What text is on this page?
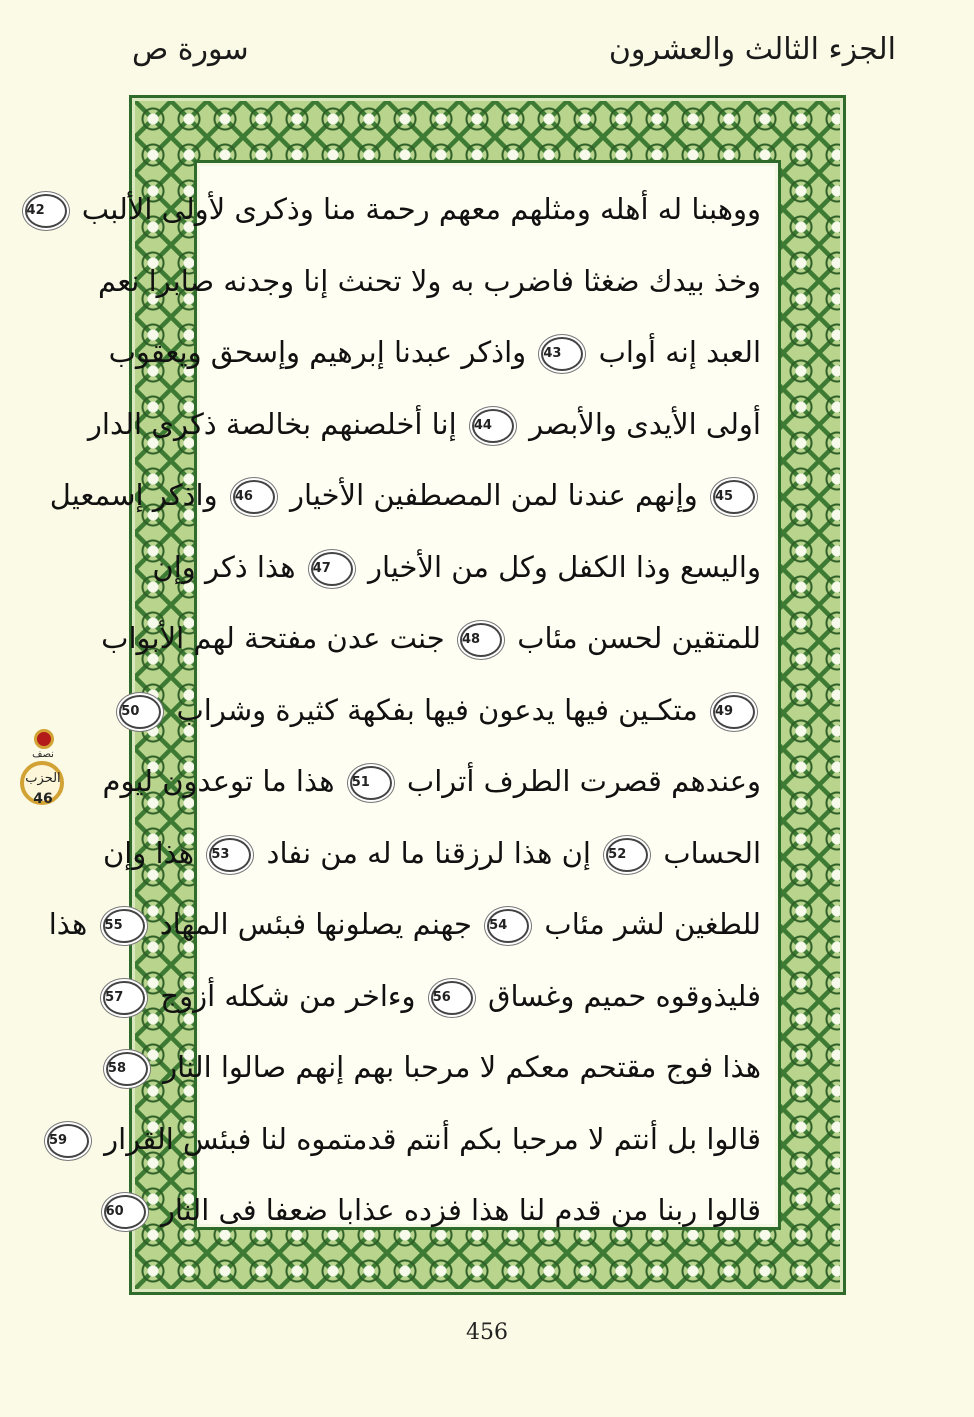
الجزء الثالث والعشرون
سورة ص
ووهبنا له أهله ومثلهم معهم رحمة منا وذكرى لأولى الألبب 42
وخذ بيدك ضغثا فاضرب به ولا تحنث إنا وجدنه صابرا نعم
العبد إنه أواب 43 واذكر عبدنا إبرهيم وإسحق ويعقوب
أولى الأيدى والأبصر 44 إنا أخلصنهم بخالصة ذكرى الدار
45 وإنهم عندنا لمن المصطفين الأخيار 46 واذكر إسمعيل
واليسع وذا الكفل وكل من الأخيار 47 هذا ذكر وإن
للمتقين لحسن مئاب 48 جنت عدن مفتحة لهم الأبواب
49 متكـين فيها يدعون فيها بفكهة كثيرة وشراب 50
وعندهم قصرت الطرف أتراب 51 هذا ما توعدون ليوم
الحساب 52 إن هذا لرزقنا ما له من نفاد 53 هذا وإن
للطغين لشر مئاب 54 جهنم يصلونها فبئس المهاد 55 هذا
فليذوقوه حميم وغساق 56 وءاخر من شكله أزوج 57
هذا فوج مقتحم معكم لا مرحبا بهم إنهم صالوا النار 58
قالوا بل أنتم لا مرحبا بكم أنتم قدمتموه لنا فبئس القرار 59
قالوا ربنا من قدم لنا هذا فزده عذابا ضعفا فى النار 60
نصف
الحزب
46
456
